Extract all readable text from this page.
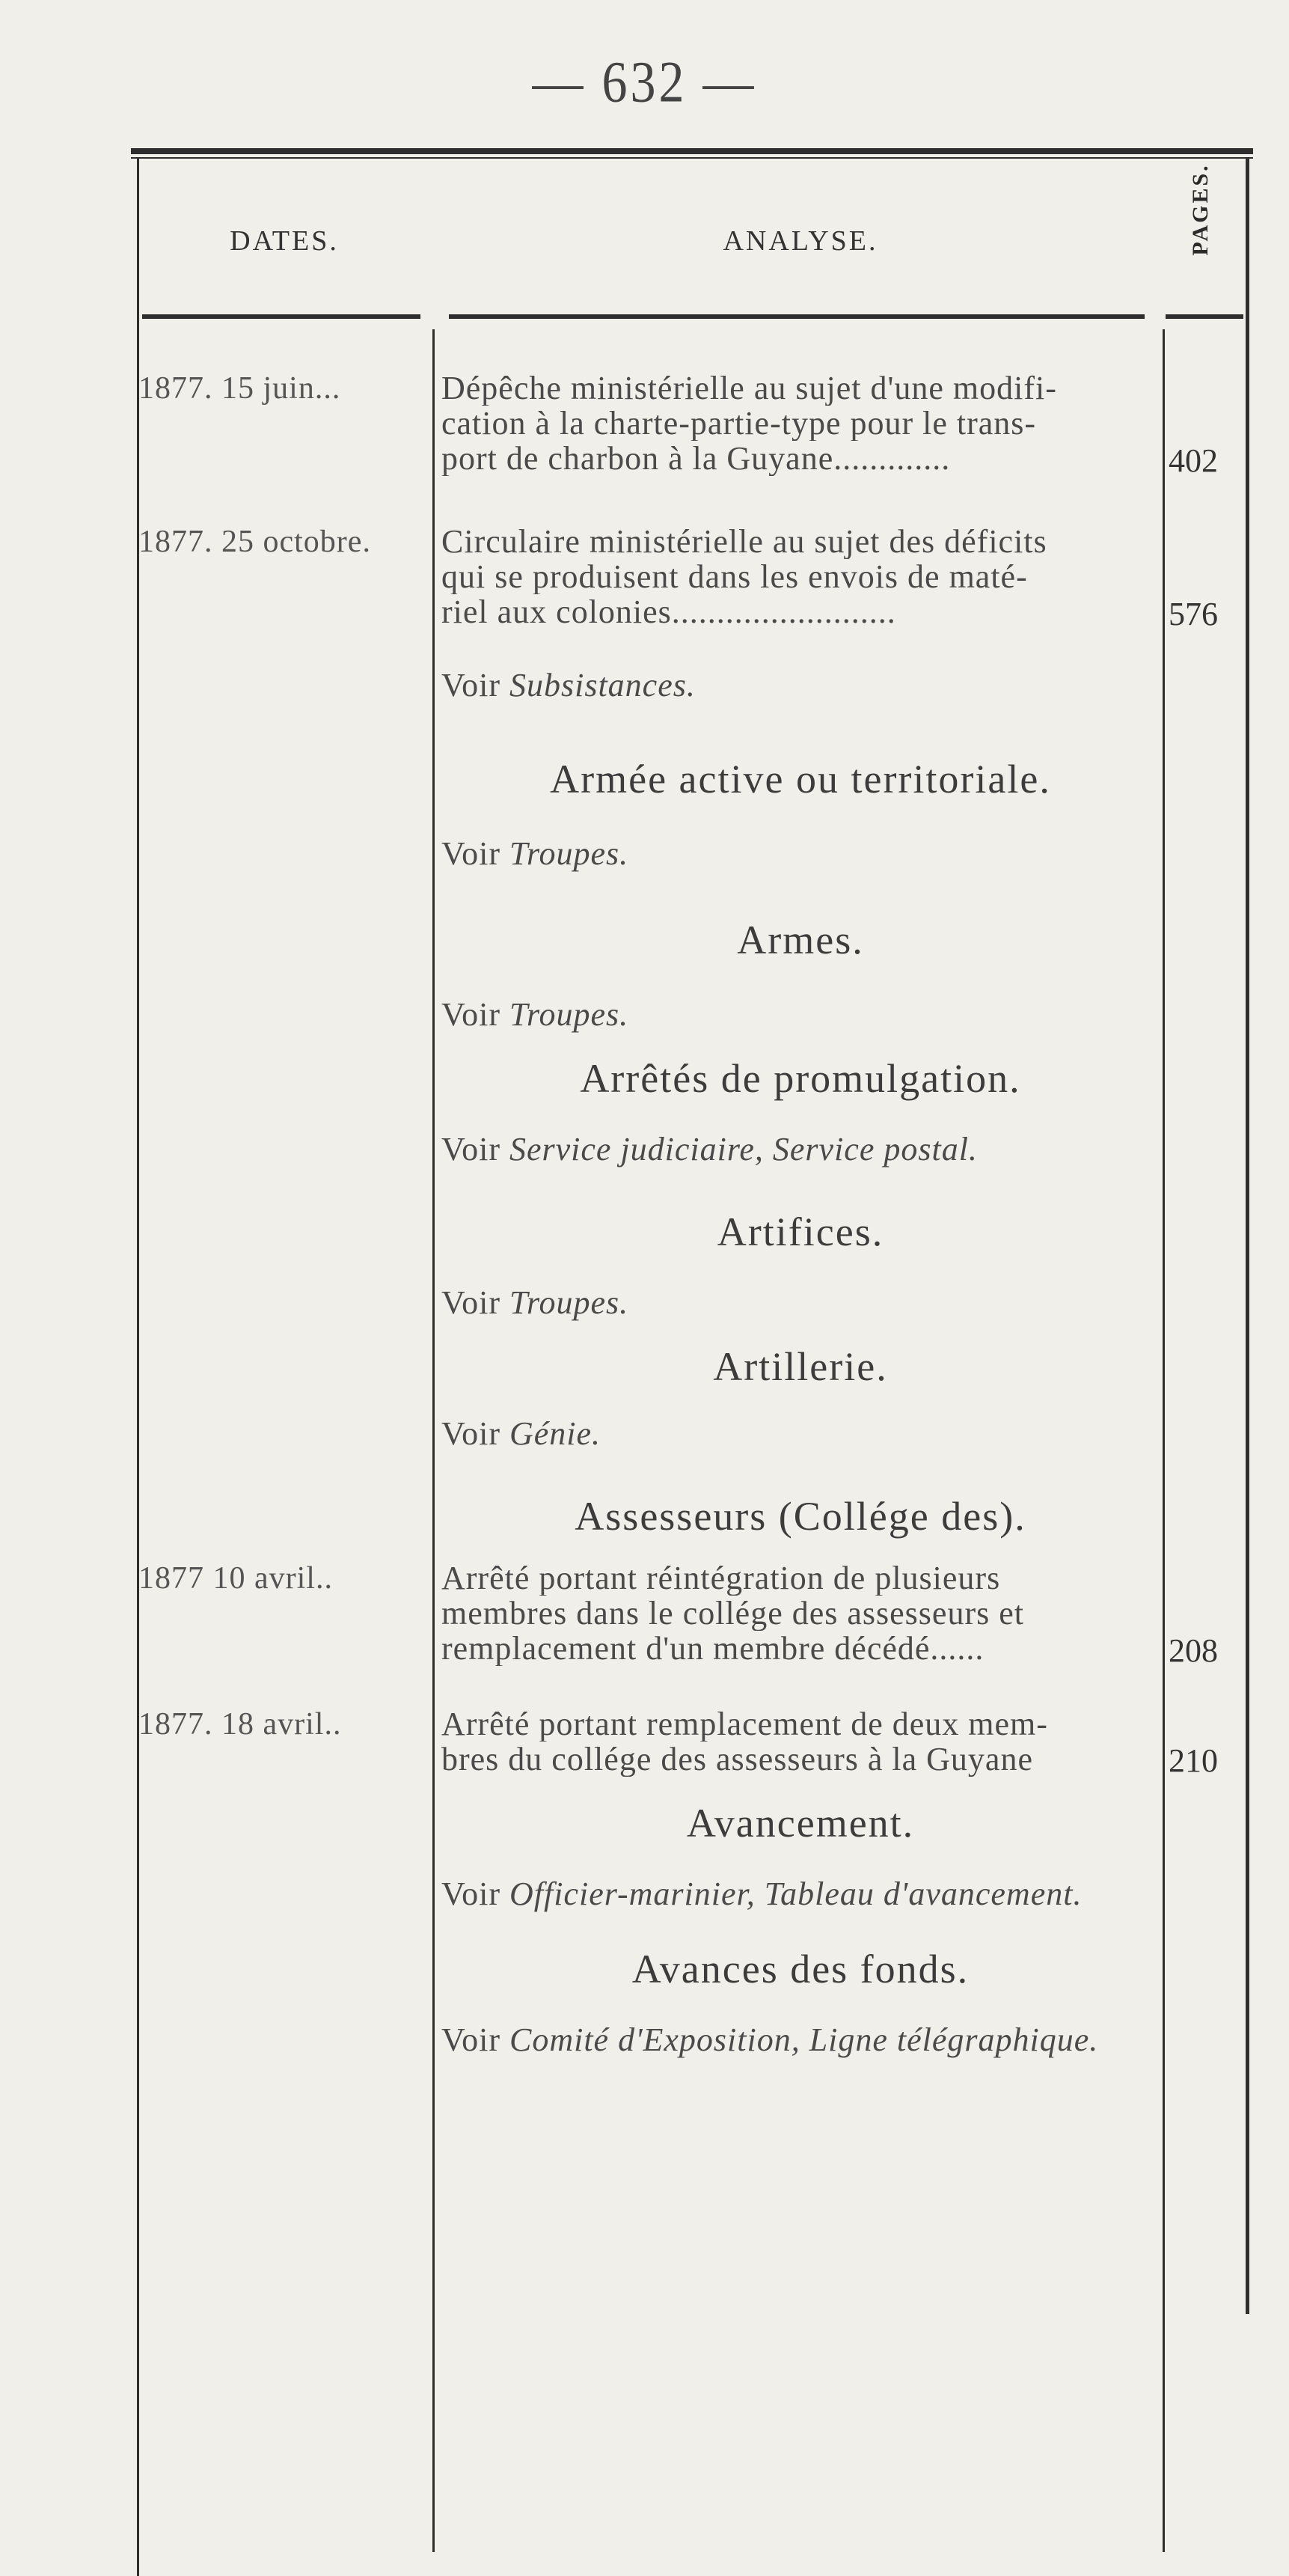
— 632 —
DATES.	ANALYSE.	PAGES.
1877. 15 juin...	Dépêche ministérielle au sujet d'une modifi-
cation à la charte-partie-type pour le trans-
port de charbon à la Guyane.............	402
1877. 25 octobre. Circulaire ministérielle au sujet des déficits
qui se produisent dans les envois de maté-
riel aux colonies.........................	576
Voir Subsistances.
Armée active ou territoriale.
Voir Troupes.
Armes.
Voir Troupes.
Arrêtés de promulgation.
Voir Service judiciaire, Service postal.
Artifices.
Voir Troupes.
Artillerie.
Voir Génie.
Assesseurs (Collége des).
1877 10 avril..	Arrêté portant réintégration de plusieurs
membres dans le collége des assesseurs et
remplacement d'un membre décédé......	208
1877. 18 avril..	Arrêté portant remplacement de deux mem-
bres du collége des assesseurs à la Guyane	210
Avancement.
Voir Officier-marinier, Tableau d'avancement.
Avances des fonds.
Voir Comité d'Exposition, Ligne télégraphique.
